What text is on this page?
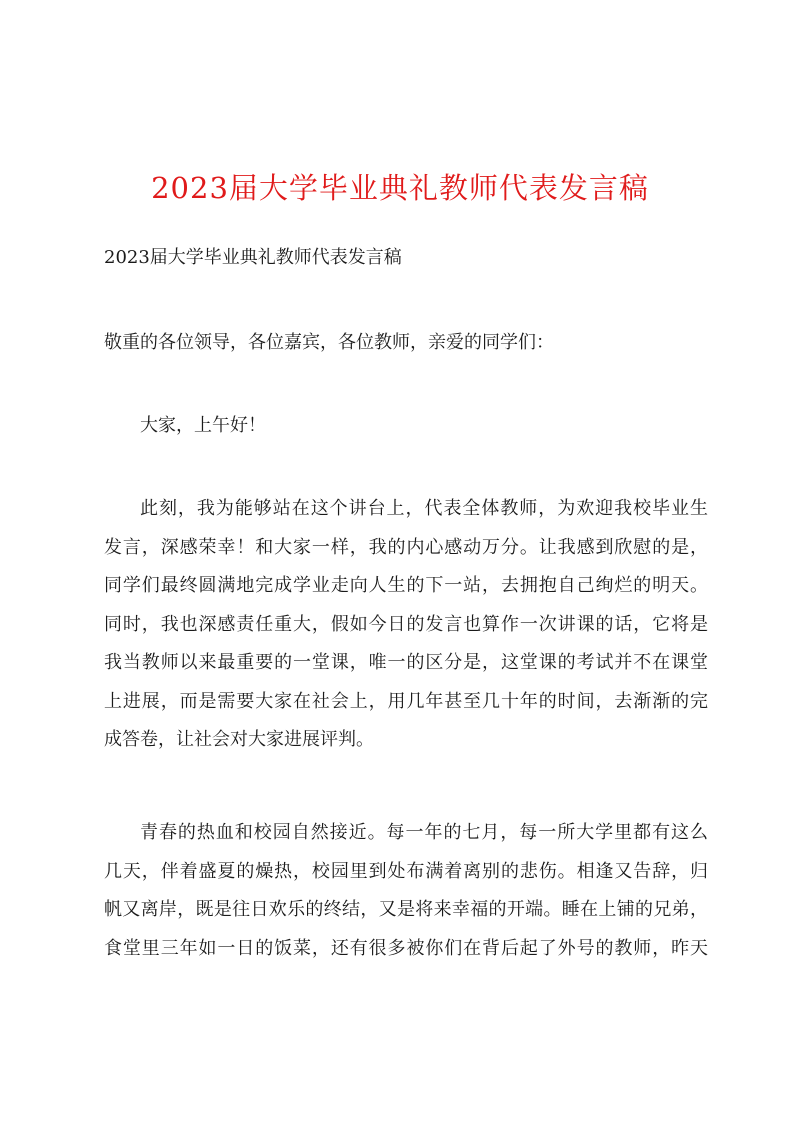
2023届大学毕业典礼教师代表发言稿
2023届大学毕业典礼教师代表发言稿
敬重的各位领导，各位嘉宾，各位教师，亲爱的同学们：
大家，上午好！
此刻，我为能够站在这个讲台上，代表全体教师，为欢迎我校毕业生
发言，深感荣幸！和大家一样，我的内心感动万分。让我感到欣慰的是，
同学们最终圆满地完成学业走向人生的下一站，去拥抱自己绚烂的明天。
同时，我也深感责任重大，假如今日的发言也算作一次讲课的话，它将是
我当教师以来最重要的一堂课，唯一的区分是，这堂课的考试并不在课堂
上进展，而是需要大家在社会上，用几年甚至几十年的时间，去渐渐的完
成答卷，让社会对大家进展评判。
青春的热血和校园自然接近。每一年的七月，每一所大学里都有这么
几天，伴着盛夏的燥热，校园里到处布满着离别的悲伤。相逢又告辞，归
帆又离岸，既是往日欢乐的终结，又是将来幸福的开端。睡在上铺的兄弟，
食堂里三年如一日的饭菜，还有很多被你们在背后起了外号的教师，昨天
